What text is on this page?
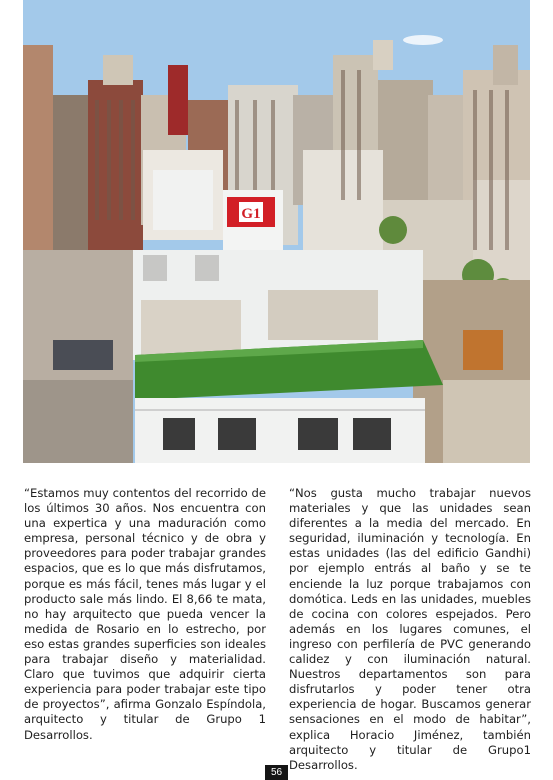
G1

“Estamos muy contentos del recorrido de los últimos 30 años. Nos encuentra con una expertica y una maduración como empresa, personal técnico y de obra y proveedores para poder trabajar grandes espacios, que es lo que más disfrutamos, porque es más fácil, tenes más lugar y el producto sale más lindo. El 8,66 te mata, no hay arquitecto que pueda vencer la medida de Rosario en lo estrecho, por eso estas grandes superficies son ideales para trabajar diseño y materialidad. Claro que tuvimos que adquirir cierta experiencia para poder trabajar este tipo de proyectos”, afirma Gonzalo Espíndola, arquitecto y titular de Grupo 1 Desarrollos.

“Nos gusta mucho trabajar nuevos materiales y que las unidades sean diferentes a la media del mercado. En seguridad, iluminación y tecnología. En estas unidades (las del edificio Gandhi) por ejemplo entrás al baño y se te enciende la luz porque trabajamos con domótica. Leds en las unidades, muebles de cocina con colores espejados. Pero además en los lugares comunes, el ingreso con perfilería de PVC generando calidez y con iluminación natural. Nuestros departamentos son para disfrutarlos y poder tener otra experiencia de hogar. Buscamos generar sensaciones en el modo de habitar”, explica Horacio Jiménez, también arquitecto y titular de Grupo1 Desarrollos.

56
